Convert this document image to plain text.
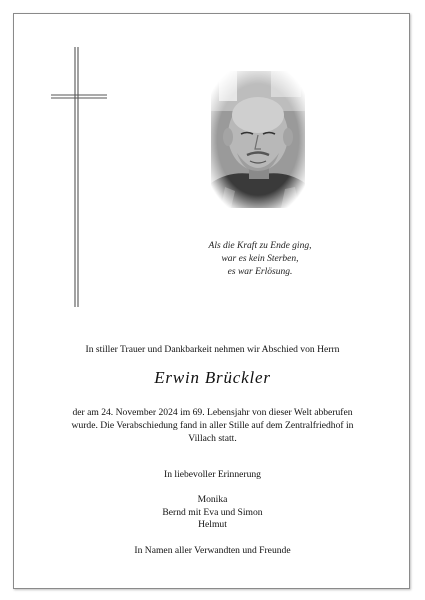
Als die Kraft zu Ende ging,
war es kein Sterben,
es war Erlösung.
In stiller Trauer und Dankbarkeit nehmen wir Abschied von Herrn
Erwin Brückler
der am 24. November 2024 im 69. Lebensjahr von dieser Welt abberufen
wurde. Die Verabschiedung fand in aller Stille auf dem Zentralfriedhof in
Villach statt.
In liebevoller Erinnerung
Monika
Bernd mit Eva und Simon
Helmut
In Namen aller Verwandten und Freunde
